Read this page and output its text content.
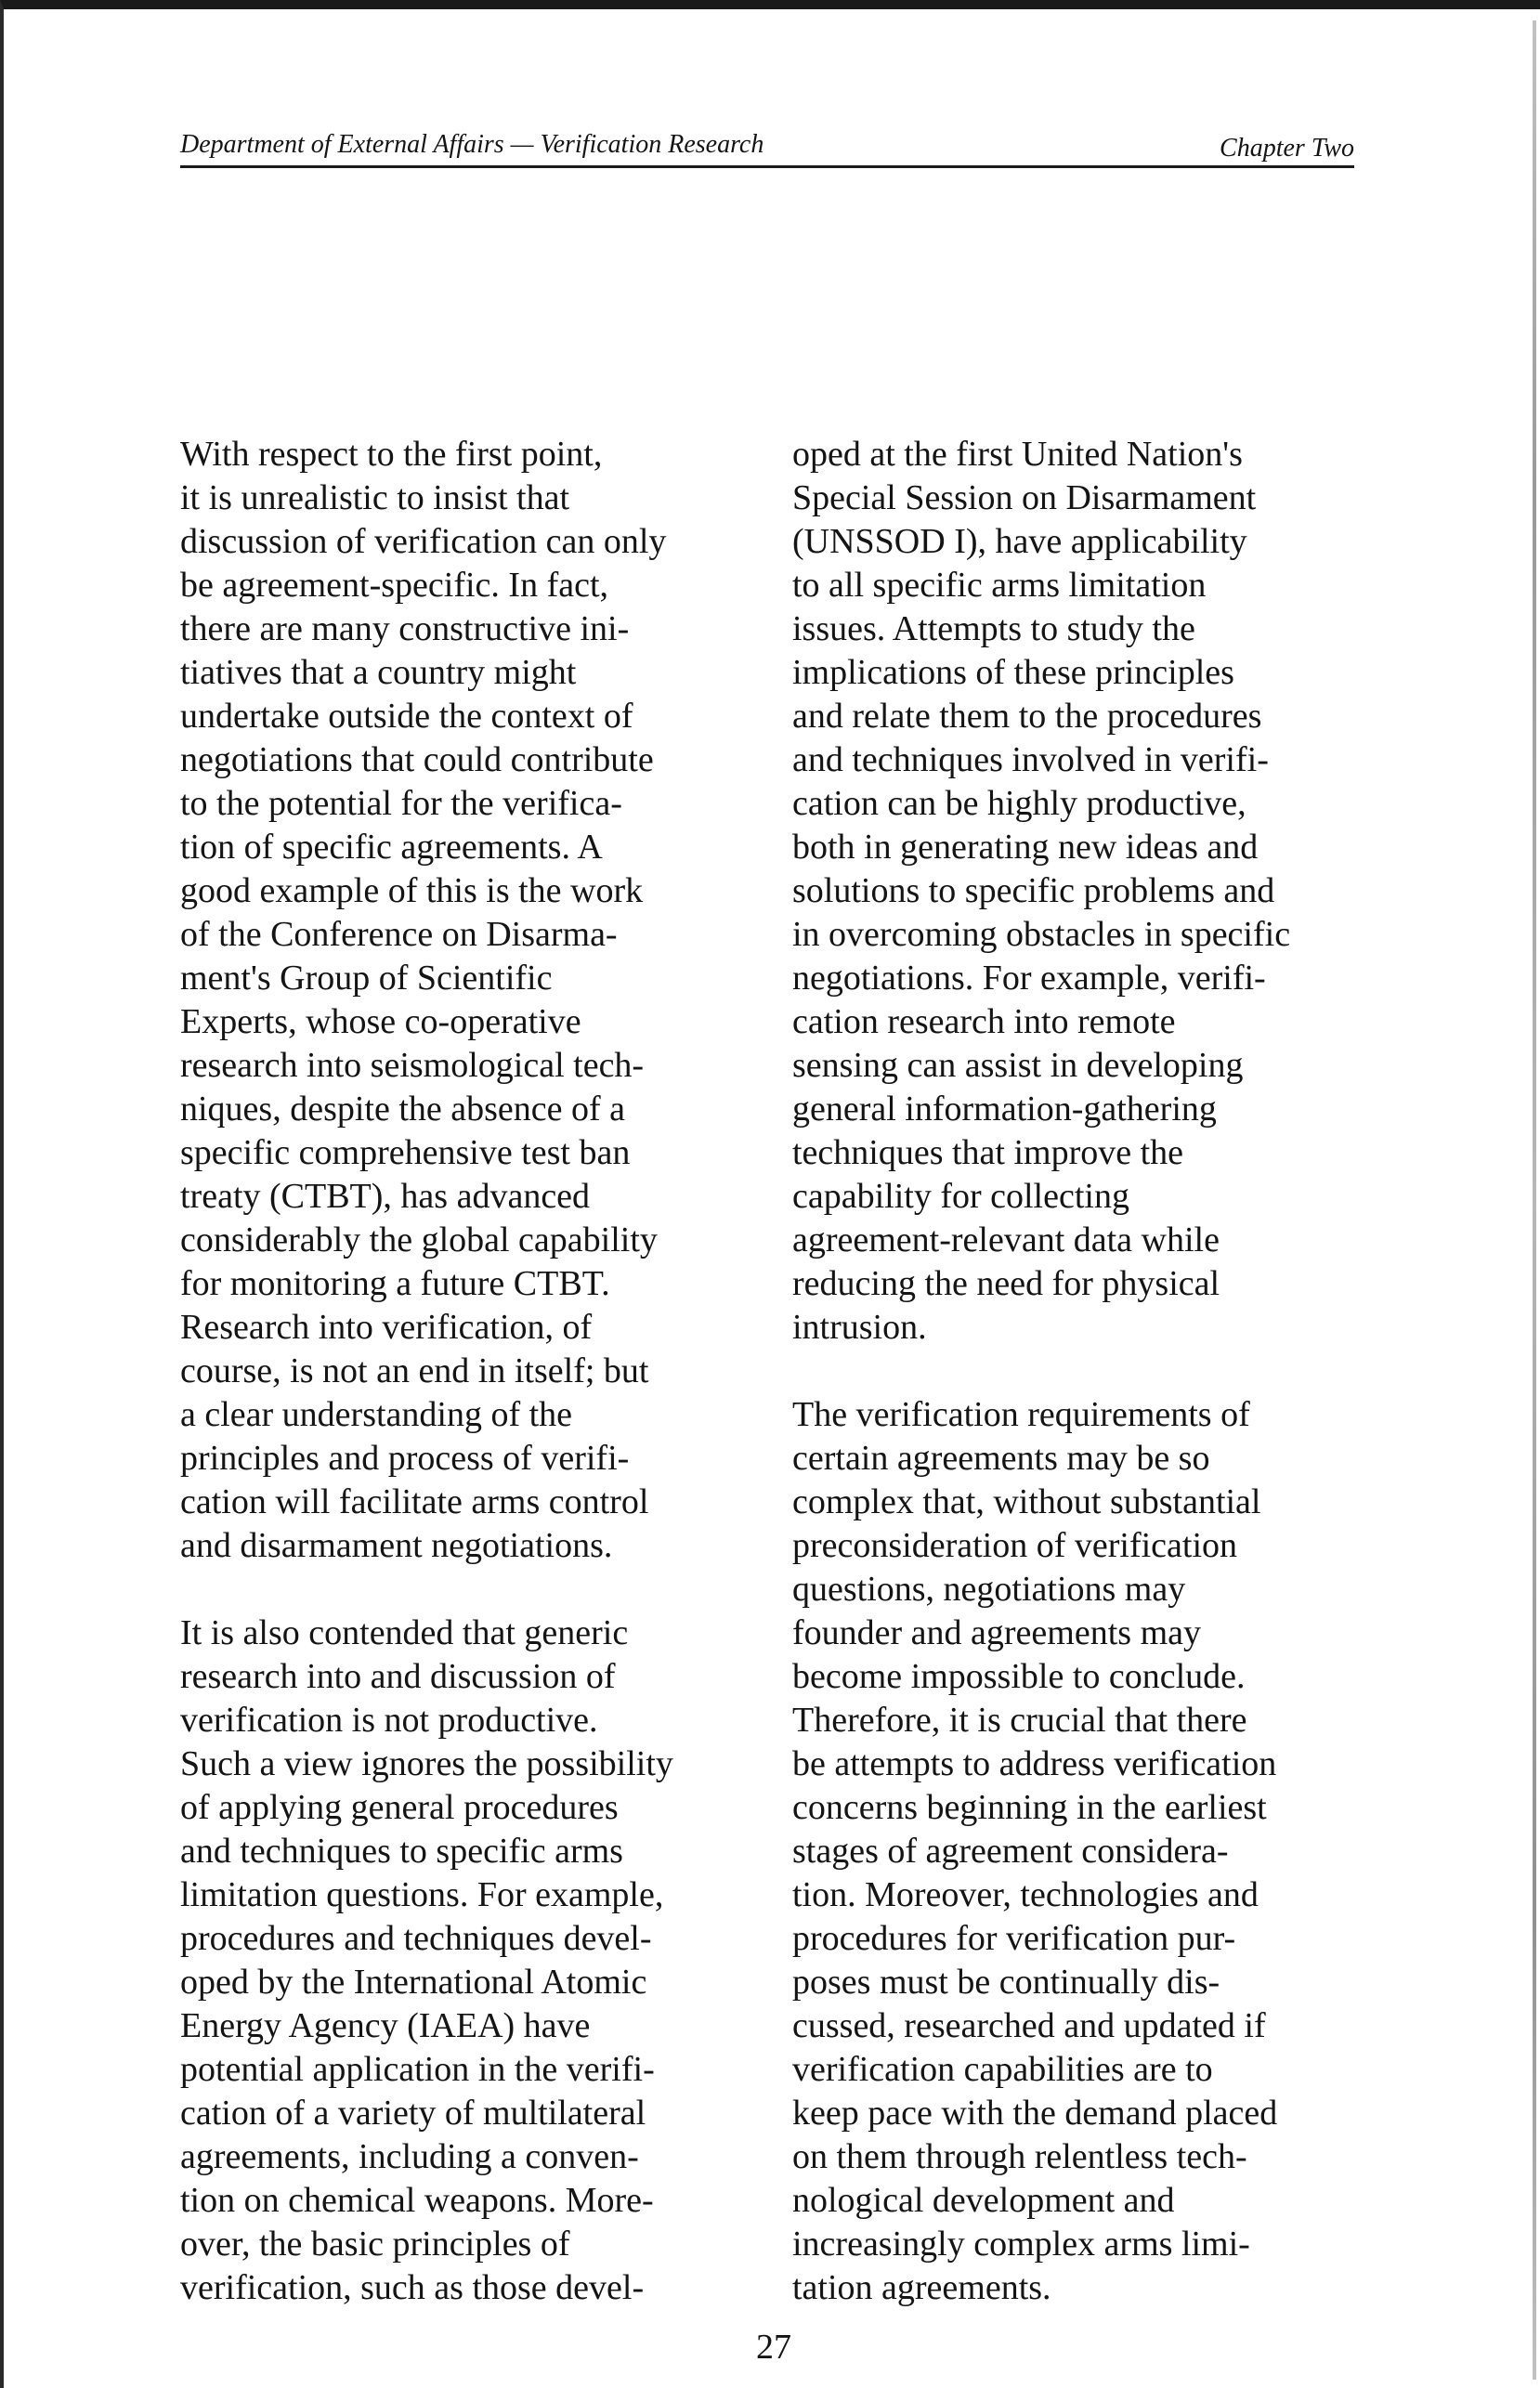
Department of External Affairs — Verification Research	Chapter Two

With respect to the first point,
it is unrealistic to insist that
discussion of verification can only
be agreement-specific. In fact,
there are many constructive ini-
tiatives that a country might
undertake outside the context of
negotiations that could contribute
to the potential for the verifica-
tion of specific agreements. A
good example of this is the work
of the Conference on Disarma-
ment's Group of Scientific
Experts, whose co-operative
research into seismological tech-
niques, despite the absence of a
specific comprehensive test ban
treaty (CTBT), has advanced
considerably the global capability
for monitoring a future CTBT.
Research into verification, of
course, is not an end in itself; but
a clear understanding of the
principles and process of verifi-
cation will facilitate arms control
and disarmament negotiations.

It is also contended that generic
research into and discussion of
verification is not productive.
Such a view ignores the possibility
of applying general procedures
and techniques to specific arms
limitation questions. For example,
procedures and techniques devel-
oped by the International Atomic
Energy Agency (IAEA) have
potential application in the verifi-
cation of a variety of multilateral
agreements, including a conven-
tion on chemical weapons. More-
over, the basic principles of
verification, such as those devel-

oped at the first United Nation's
Special Session on Disarmament
(UNSSOD I), have applicability
to all specific arms limitation
issues. Attempts to study the
implications of these principles
and relate them to the procedures
and techniques involved in verifi-
cation can be highly productive,
both in generating new ideas and
solutions to specific problems and
in overcoming obstacles in specific
negotiations. For example, verifi-
cation research into remote
sensing can assist in developing
general information-gathering
techniques that improve the
capability for collecting
agreement-relevant data while
reducing the need for physical
intrusion.

The verification requirements of
certain agreements may be so
complex that, without substantial
preconsideration of verification
questions, negotiations may
founder and agreements may
become impossible to conclude.
Therefore, it is crucial that there
be attempts to address verification
concerns beginning in the earliest
stages of agreement considera-
tion. Moreover, technologies and
procedures for verification pur-
poses must be continually dis-
cussed, researched and updated if
verification capabilities are to
keep pace with the demand placed
on them through relentless tech-
nological development and
increasingly complex arms limi-
tation agreements.

27
